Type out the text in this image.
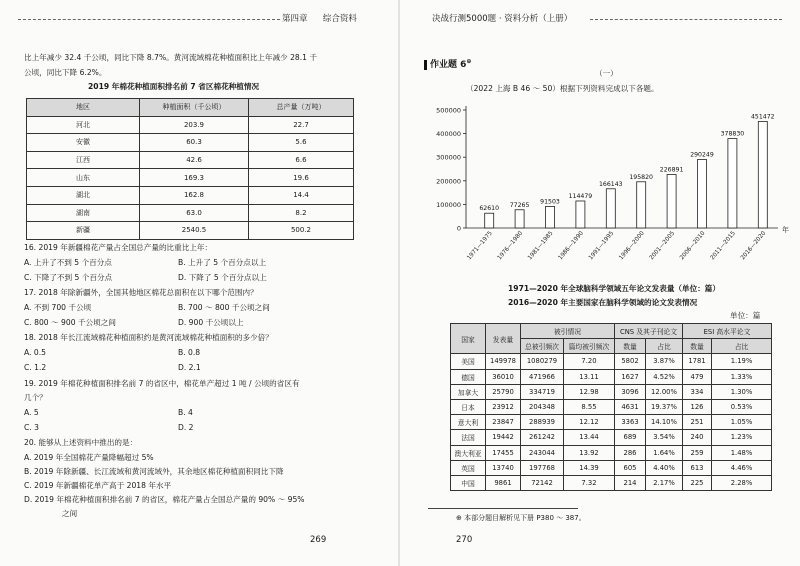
第四章 综合资料
比上年减少 32.4 千公顷，同比下降 8.7%。黄河流域棉花种植面积比上年减少 28.1 千
公顷，同比下降 6.2%。
2019 年棉花种植面积排名前 7 省区棉花种植情况
地区	种植面积（千公顷）	总产量（万吨）
河北	203.9	22.7
安徽	60.3	5.6
江西	42.6	6.6
山东	169.3	19.6
湖北	162.8	14.4
湖南	63.0	8.2
新疆	2540.5	500.2
16. 2019 年新疆棉花产量占全国总产量的比重比上年：
A. 上升了不到 5 个百分点	B. 上升了 5 个百分点以上
C. 下降了不到 5 个百分点	D. 下降了 5 个百分点以上
17. 2018 年除新疆外，全国其他地区棉花总面积在以下哪个范围内？
A. 不到 700 千公顷	B. 700 ～ 800 千公顷之间
C. 800 ～ 900 千公顷之间	D. 900 千公顷以上
18. 2018 年长江流域棉花种植面积约是黄河流域棉花种植面积的多少倍？
A. 0.5	B. 0.8
C. 1.2	D. 2.1
19. 2019 年棉花种植面积排名前 7 的省区中，棉花单产超过 1 吨 / 公顷的省区有
几个？
A. 5	B. 4
C. 3	D. 2
20. 能够从上述资料中推出的是：
A. 2019 年全国棉花产量降幅超过 5%
B. 2019 年除新疆、长江流域和黄河流域外，其余地区棉花种植面积同比下降
C. 2019 年新疆棉花单产高于 2018 年水平
D. 2019 年棉花种植面积排名前 7 的省区，棉花产量占全国总产量的 90% ～ 95%
之间
269
决战行测5000题 · 资料分析（上册）
作业题 6⊕
（一）
（2022 上海 B 46 ～ 50）根据下列资料完成以下各题。
0
100000
200000
300000
400000
500000
62610 77265 91503
114479
166143
195820
226891
290249
378830
451472
1971—1975 1976—1980 1981—1985 1986—1990 1991—1995 1996—2000 2001—2005 2006—2010 2011—2015 2016—2020
年
1971—2020 年全球脑科学领域五年论文发表量（单位：篇）
2016—2020 年主要国家在脑科学领域的论文发表情况
单位：篇
国家	发表量	被引情况		CNS 及其子刊论文		ESI 高水平论文	
		总被引频次	篇均被引频次	数量	占比	数量	占比
美国	149978	1080279	7.20	5802	3.87%	1781	1.19%
德国	36010	471966	13.11	1627	4.52%	479	1.33%
加拿大	25790	334719	12.98	3096	12.00%	334	1.30%
日本	23912	204348	8.55	4631	19.37%	126	0.53%
意大利	23847	288939	12.12	3363	14.10%	251	1.05%
法国	19442	261242	13.44	689	3.54%	240	1.23%
澳大利亚	17455	243044	13.92	286	1.64%	259	1.48%
英国	13740	197768	14.39	605	4.40%	613	4.46%
中国	9861	72142	7.32	214	2.17%	225	2.28%
⊕ 本部分题目解析见下册 P380 ～ 387。
270
